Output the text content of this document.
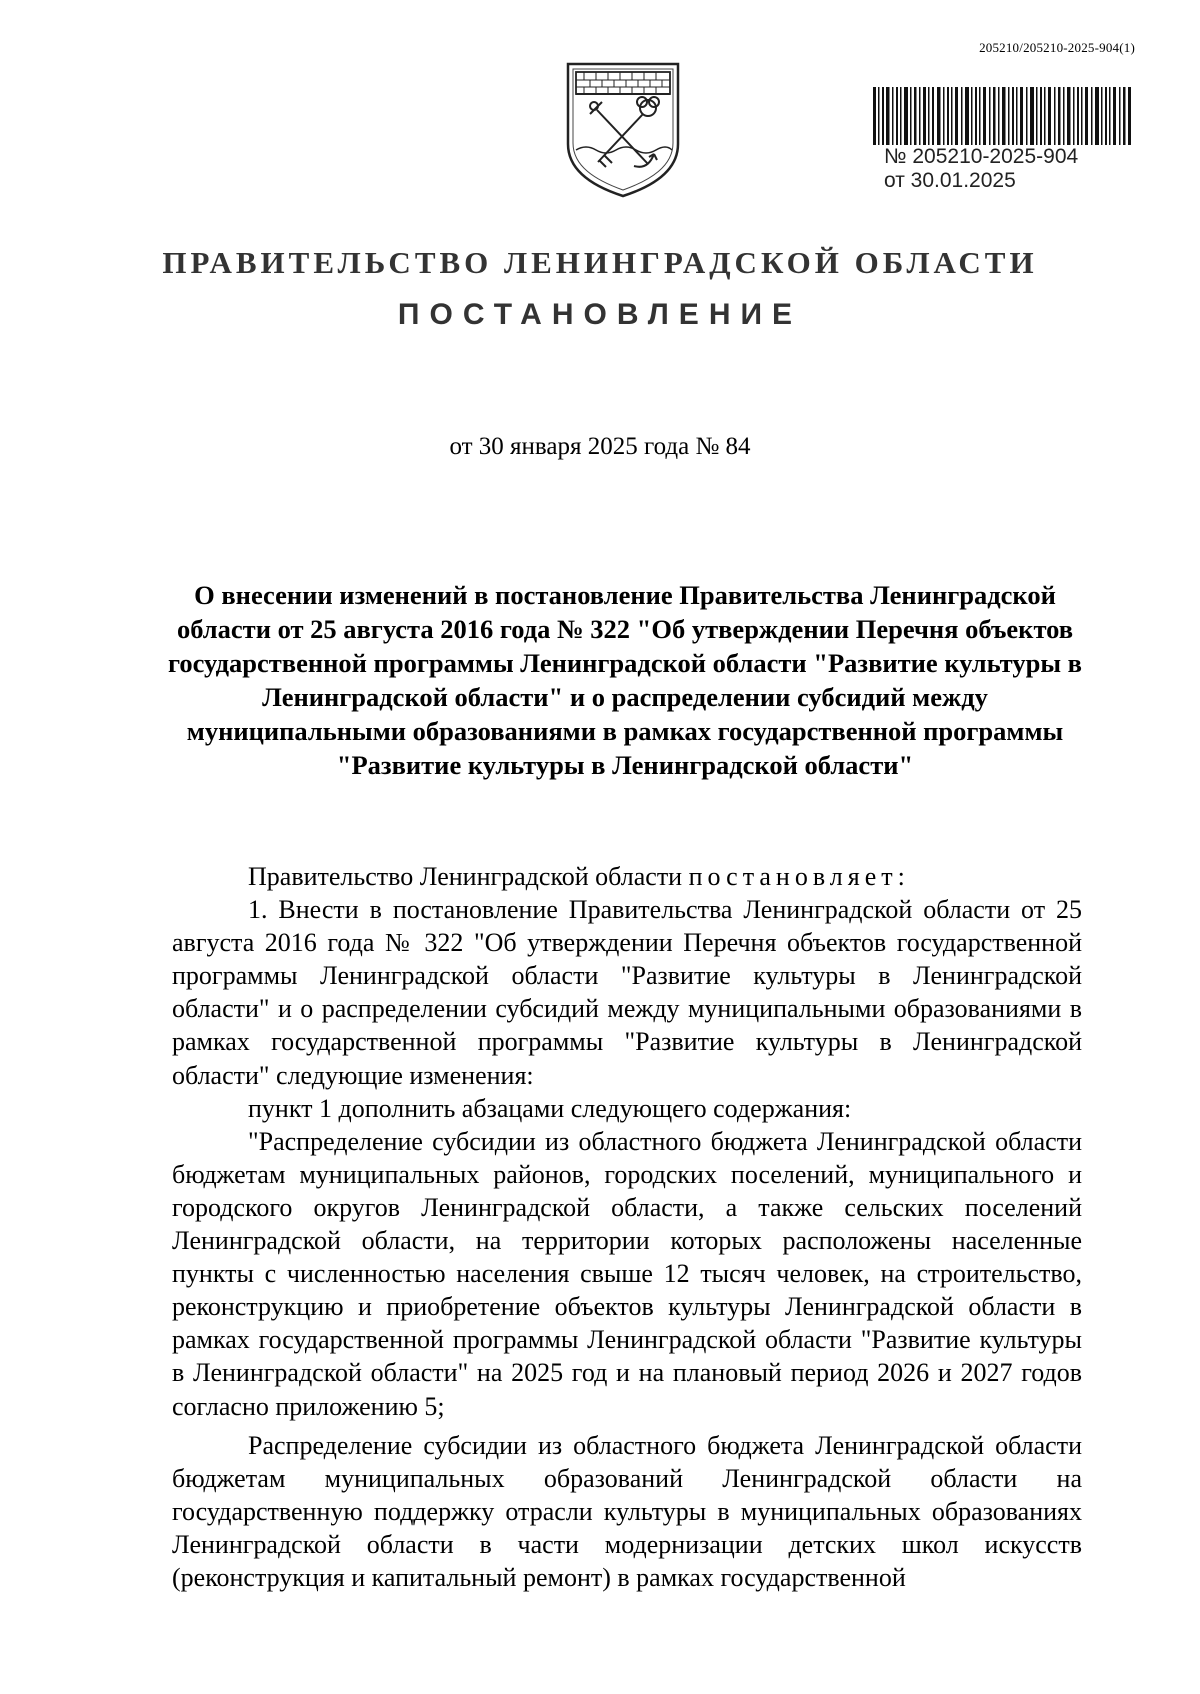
205210/205210-2025-904(1)
№ 205210-2025-904
от 30.01.2025
ПРАВИТЕЛЬСТВО ЛЕНИНГРАДСКОЙ ОБЛАСТИ
ПОСТАНОВЛЕНИЕ
от 30 января 2025 года № 84
О внесении изменений в постановление Правительства Ленинградской области от 25 августа 2016 года № 322 "Об утверждении Перечня объектов государственной программы Ленинградской области "Развитие культуры в Ленинградской области" и о распределении субсидий между муниципальными образованиями в рамках государственной программы "Развитие культуры в Ленинградской области"

Правительство Ленинградской области постановляет:

1. Внести в постановление Правительства Ленинградской области от 25 августа 2016 года № 322 "Об утверждении Перечня объектов государственной программы Ленинградской области "Развитие культуры в Ленинградской области" и о распределении субсидий между муниципальными образованиями в рамках государственной программы "Развитие культуры в Ленинградской области" следующие изменения:

пункт 1 дополнить абзацами следующего содержания:

"Распределение субсидии из областного бюджета Ленинградской области бюджетам муниципальных районов, городских поселений, муниципального и городского округов Ленинградской области, а также сельских поселений Ленинградской области, на территории которых расположены населенные пункты с численностью населения свыше 12 тысяч человек, на строительство, реконструкцию и приобретение объектов культуры Ленинградской области в рамках государственной программы Ленинградской области "Развитие культуры в Ленинградской области" на 2025 год и на плановый период 2026 и 2027 годов согласно приложению 5;

Распределение субсидии из областного бюджета Ленинградской области бюджетам муниципальных образований Ленинградской области на государственную поддержку отрасли культуры в муниципальных образованиях Ленинградской области в части модернизации детских школ искусств (реконструкция и капитальный ремонт) в рамках государственной
